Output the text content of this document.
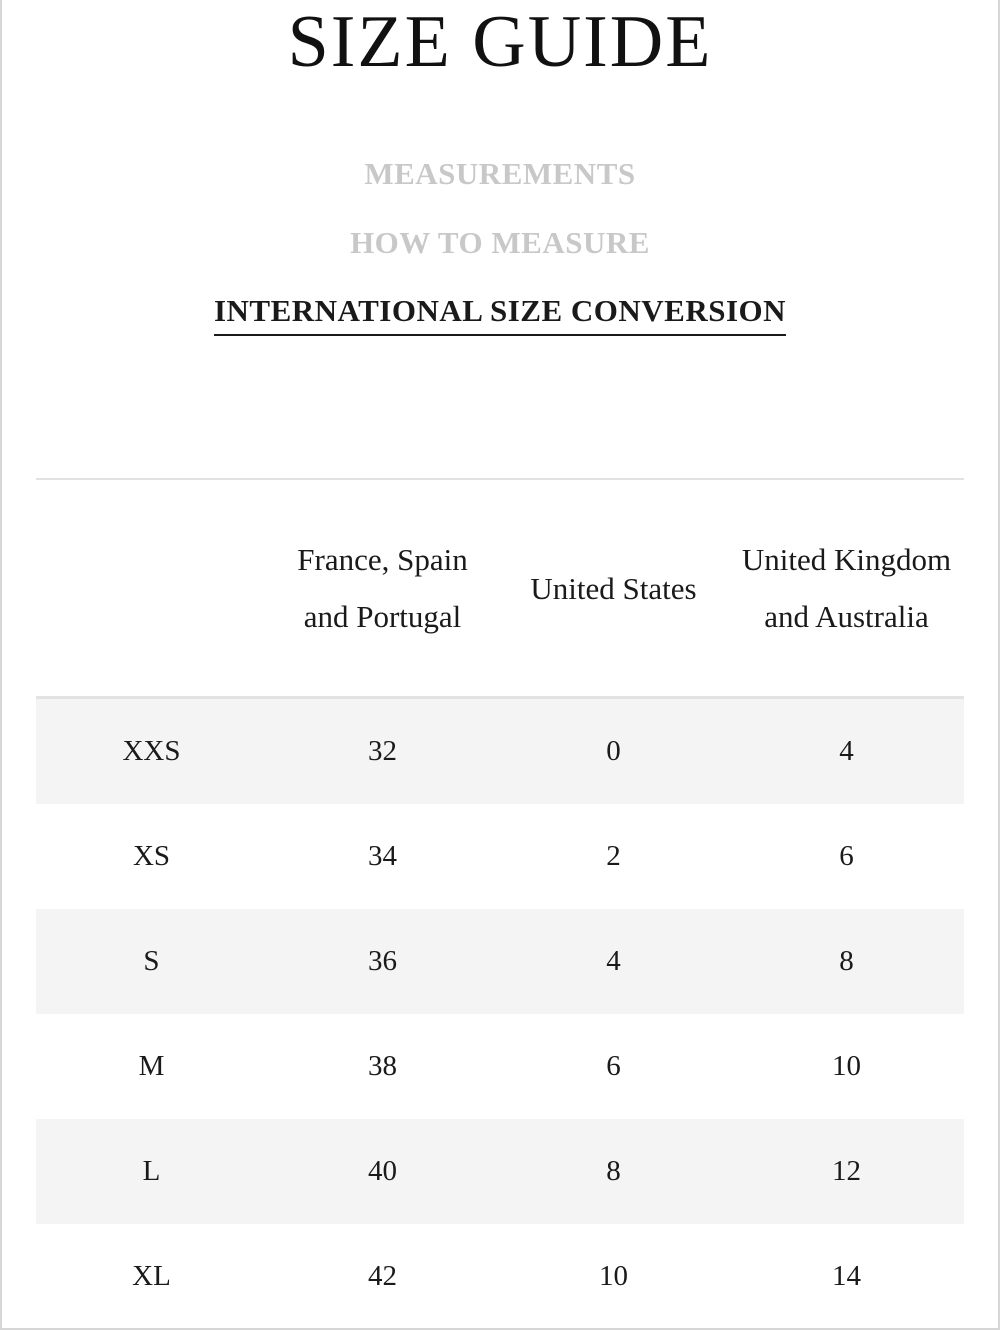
SIZE GUIDE
MEASUREMENTS
HOW TO MEASURE
INTERNATIONAL SIZE CONVERSION
	France, Spain and Portugal	United States	United Kingdom and Australia
XXS	32	0	4
XS	34	2	6
S	36	4	8
M	38	6	10
L	40	8	12
XL	42	10	14
